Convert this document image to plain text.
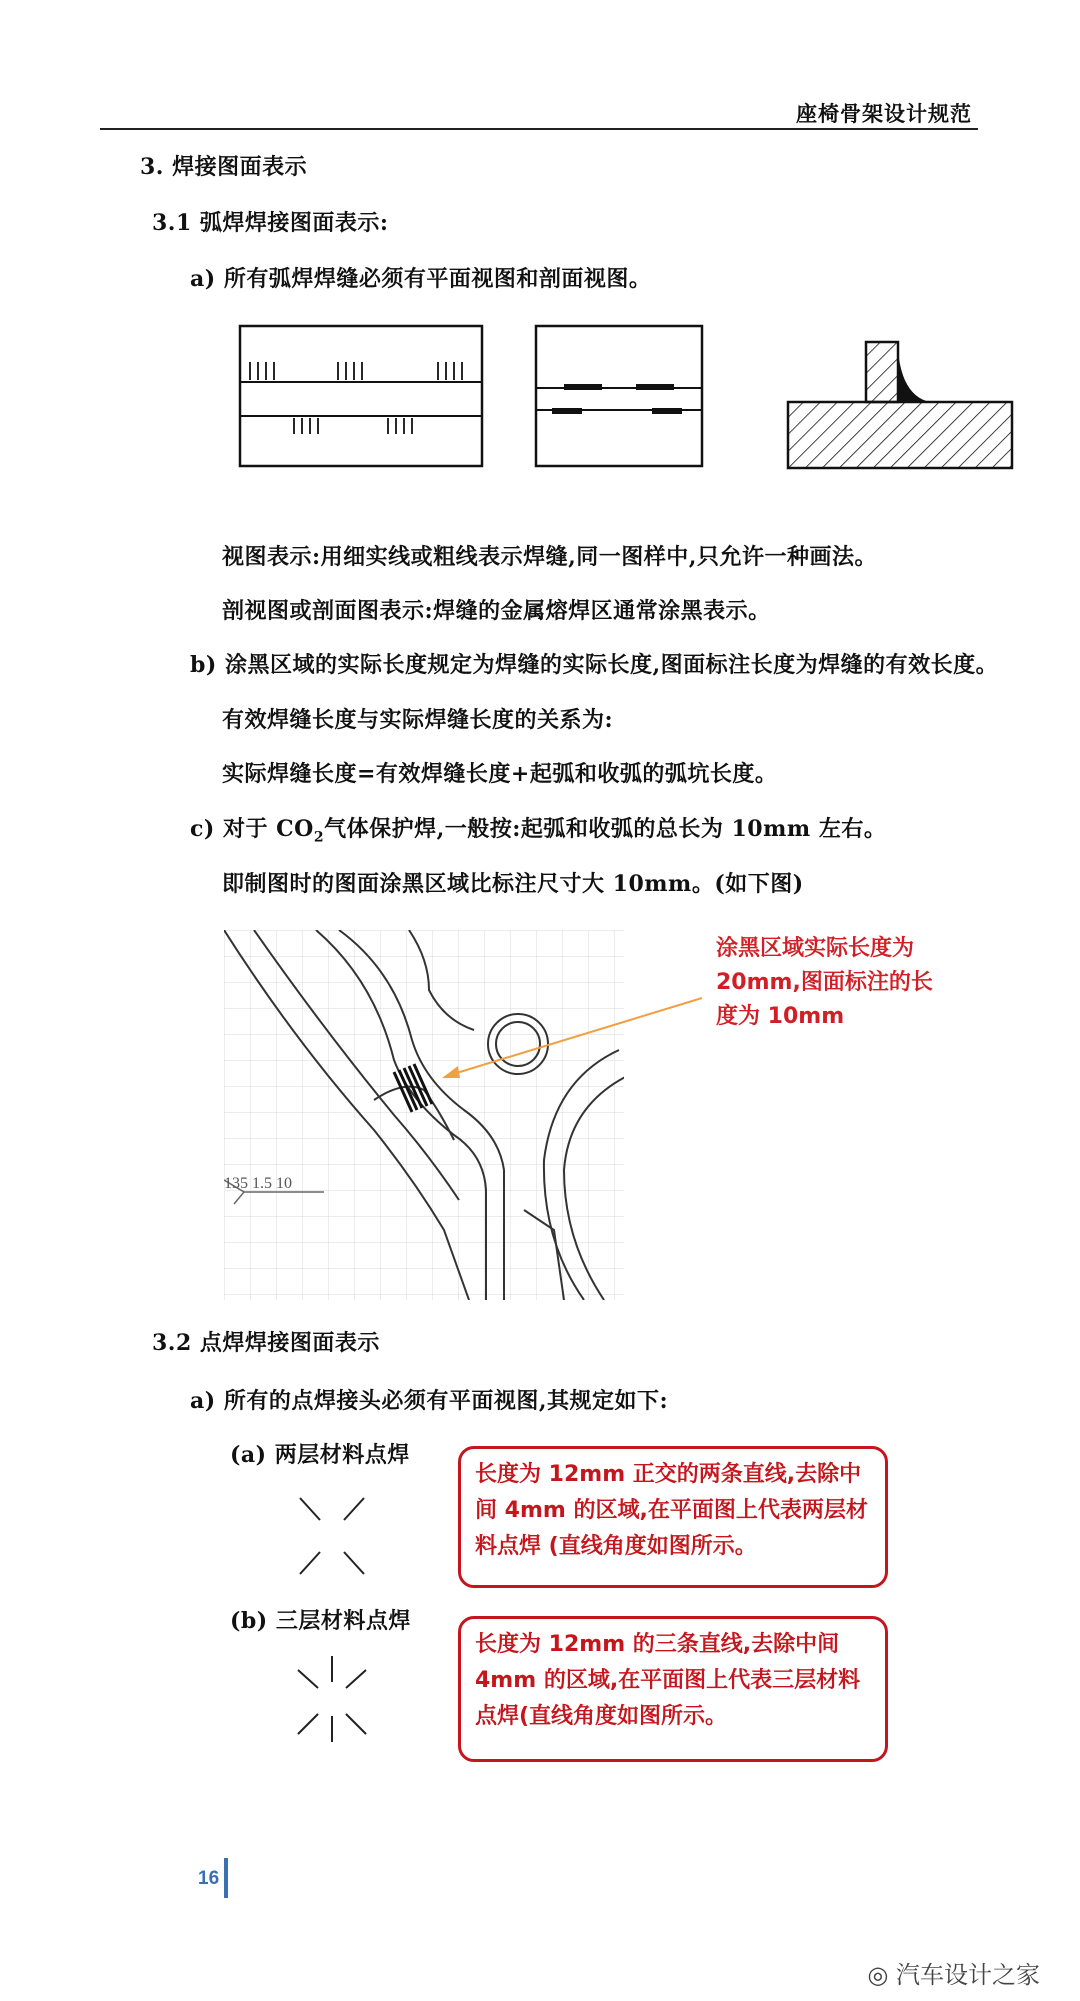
座椅骨架设计规范
3. 焊接图面表示
3.1 弧焊焊接图面表示:
a) 所有弧焊焊缝必须有平面视图和剖面视图。
视图表示:用细实线或粗线表示焊缝,同一图样中,只允许一种画法。
剖视图或剖面图表示:焊缝的金属熔焊区通常涂黑表示。
b) 涂黑区域的实际长度规定为焊缝的实际长度,图面标注长度为焊缝的有效长度。
有效焊缝长度与实际焊缝长度的关系为:
实际焊缝长度=有效焊缝长度+起弧和收弧的弧坑长度。
c) 对于 $CO_2$气体保护焊,一般按:起弧和收弧的总长为 10mm 左右。
即制图时的图面涂黑区域比标注尺寸大 10mm。(如下图)
135 1.5 10
涂黑区域实际长度为 20mm,图面标注的长度为 10mm
3.2 点焊焊接图面表示
a) 所有的点焊接头必须有平面视图,其规定如下:
(a) 两层材料点焊
长度为 12mm 正交的两条直线,去除中间 4mm 的区域,在平面图上代表两层材料点焊 (直线角度如图所示。
(b) 三层材料点焊
长度为 12mm 的三条直线,去除中间 4mm 的区域,在平面图上代表三层材料点焊(直线角度如图所示。
16
◎ 汽车设计之家
